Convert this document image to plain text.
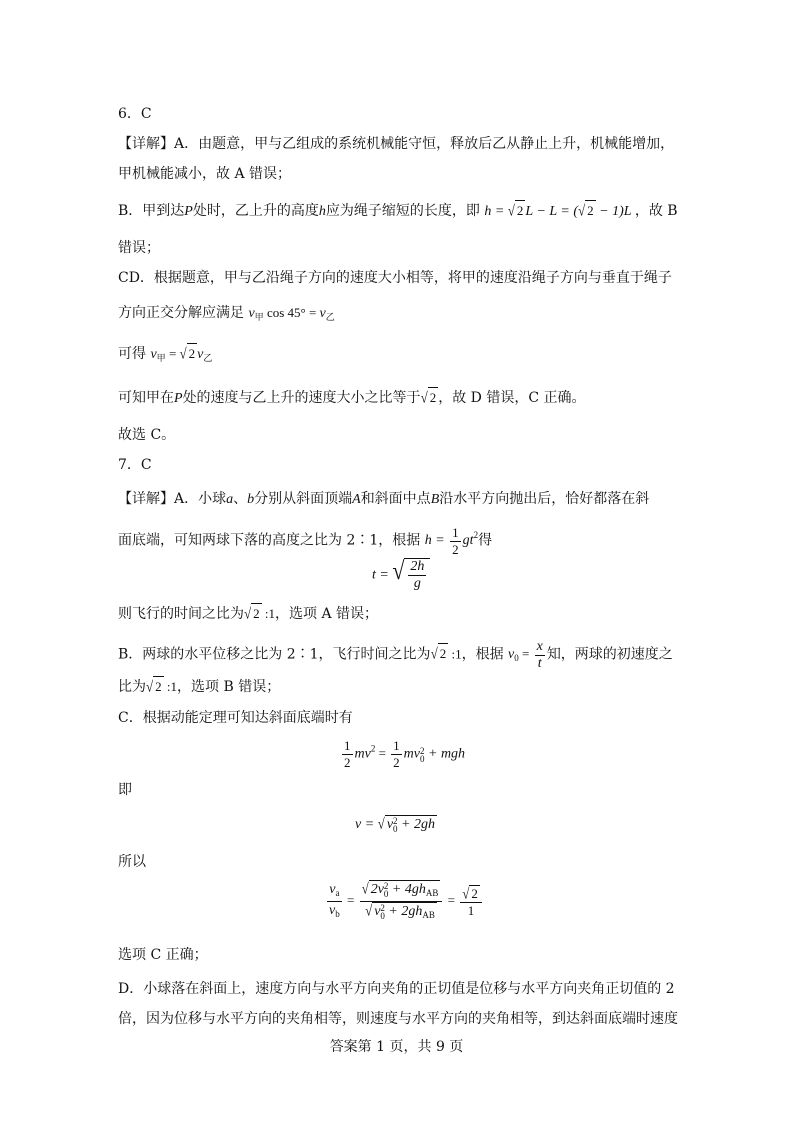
6．C
【详解】A．由题意，甲与乙组成的系统机械能守恒，释放后乙从静止上升，机械能增加，
甲机械能减小，故 A 错误；
B．甲到达P处时，乙上升的高度h应为绳子缩短的长度，即 h = √ 2 L − L = (√ 2 − 1)L ，故 B
错误；
CD．根据题意，甲与乙沿绳子方向的速度大小相等，将甲的速度沿绳子方向与垂直于绳子
方向正交分解应满足 $v_甲$ $\cos 45^\circ = v_乙$
可得 $v_甲$ = √ 2 $v_乙$
可知甲在P处的速度与乙上升的速度大小之比等于√ 2 ，故 D 错误，C 正确。
故选 C。
7．C
【详解】A．小球a、b分别从斜面顶端A和斜面中点B沿水平方向抛出后，恰好都落在斜
面底端，可知两球下落的高度之比为 2∶1，根据 $h = \frac{1}{2} gt^2$得
t = √ $\frac{2h}{g}$
则飞行的时间之比为√ 2 :1，选项 A 错误；
B．两球的水平位移之比为 2∶1，飞行时间之比为√ 2 :1，根据 $v_0 = \frac{x}{t}$ 知，两球的初速度之
比为√ 2 :1，选项 B 错误；
C．根据动能定理可知达斜面底端时有
$\frac{1}{2} mv^2 = \frac{1}{2}$ mv 2
0 + mgh
即
v = √ v 2
0 + 2gh
所以
$\frac{v_a}{v_b}$ = √ 2v 2
$0 + 4gh_{AB}$
√ v 2
$0 + 2gh_{AB} = \frac{√ 2}{1}$
选项 C 正确；
D．小球落在斜面上，速度方向与水平方向夹角的正切值是位移与水平方向夹角正切值的 2
倍，因为位移与水平方向的夹角相等，则速度与水平方向的夹角相等，到达斜面底端时速度
答案第 1 页，共 9 页
